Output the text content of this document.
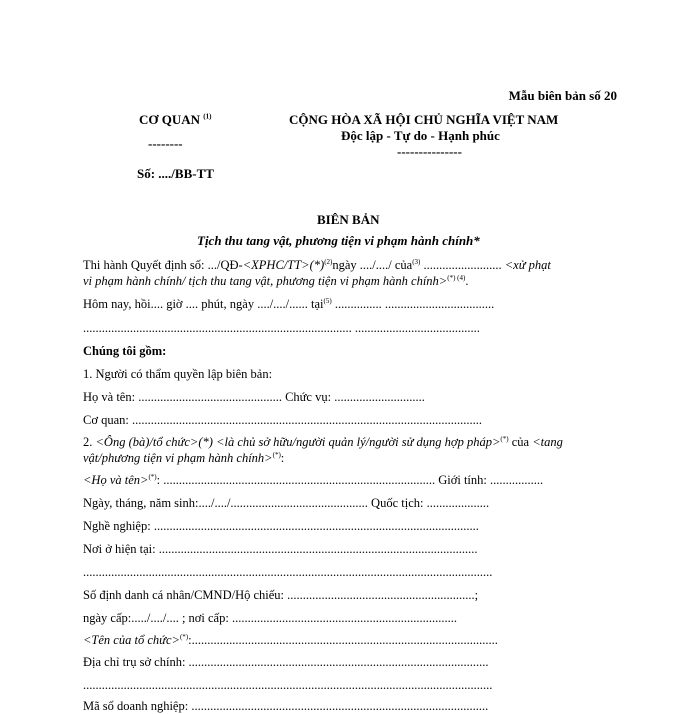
Mẫu biên bản số 20
CƠ QUAN $^{(1)}$
--------
CỘNG HÒA XÃ HỘI CHỦ NGHĨA VIỆT NAM
Độc lập - Tự do - Hạnh phúc
---------------
Số: ..../BB-TT
BIÊN BẢN
Tịch thu tang vật, phương tiện vi phạm hành chính*
Thi hành Quyết định số: $.../QĐ-<XPHC/TT>(*)^{(2)}ngày$ ..../..../ của$^{(3)}$ ......................... <xử phạt
vi phạm hành chính/ tịch thu tang vật, phương tiện vi phạm hành chính>$^{(*) (4)}$.
Hôm nay, hồi.... giờ .... phút, ngày ..../..../...... tại$^{(5)}$ ............... ...................................
...................................................................................... ........................................
Chúng tôi gồm:
1. Người có thẩm quyền lập biên bản:
Họ và tên: .............................................. Chức vụ: .............................
Cơ quan: ................................................................................................................
2. <Ông (bà)/tổ chức>(*) <là chủ sở hữu/người quản lý/người sử dụng hợp pháp>(*) của <tang
vật/phương tiện vi phạm hành chính>(*):
<Họ và tên>(*): ....................................................................................... Giới tính: .................
Ngày, tháng, năm sinh:..../..../............................................ Quốc tịch: ....................
Nghề nghiệp: ........................................................................................................
Nơi ở hiện tại: ......................................................................................................
...................................................................................................................................
Số định danh cá nhân/CMND/Hộ chiếu: ............................................................;
ngày cấp:...../..../.... ; nơi cấp: ........................................................................
<Tên của tổ chức>(*):..................................................................................................
Địa chỉ trụ sở chính: ................................................................................................
...................................................................................................................................
Mã số doanh nghiệp: ...............................................................................................
